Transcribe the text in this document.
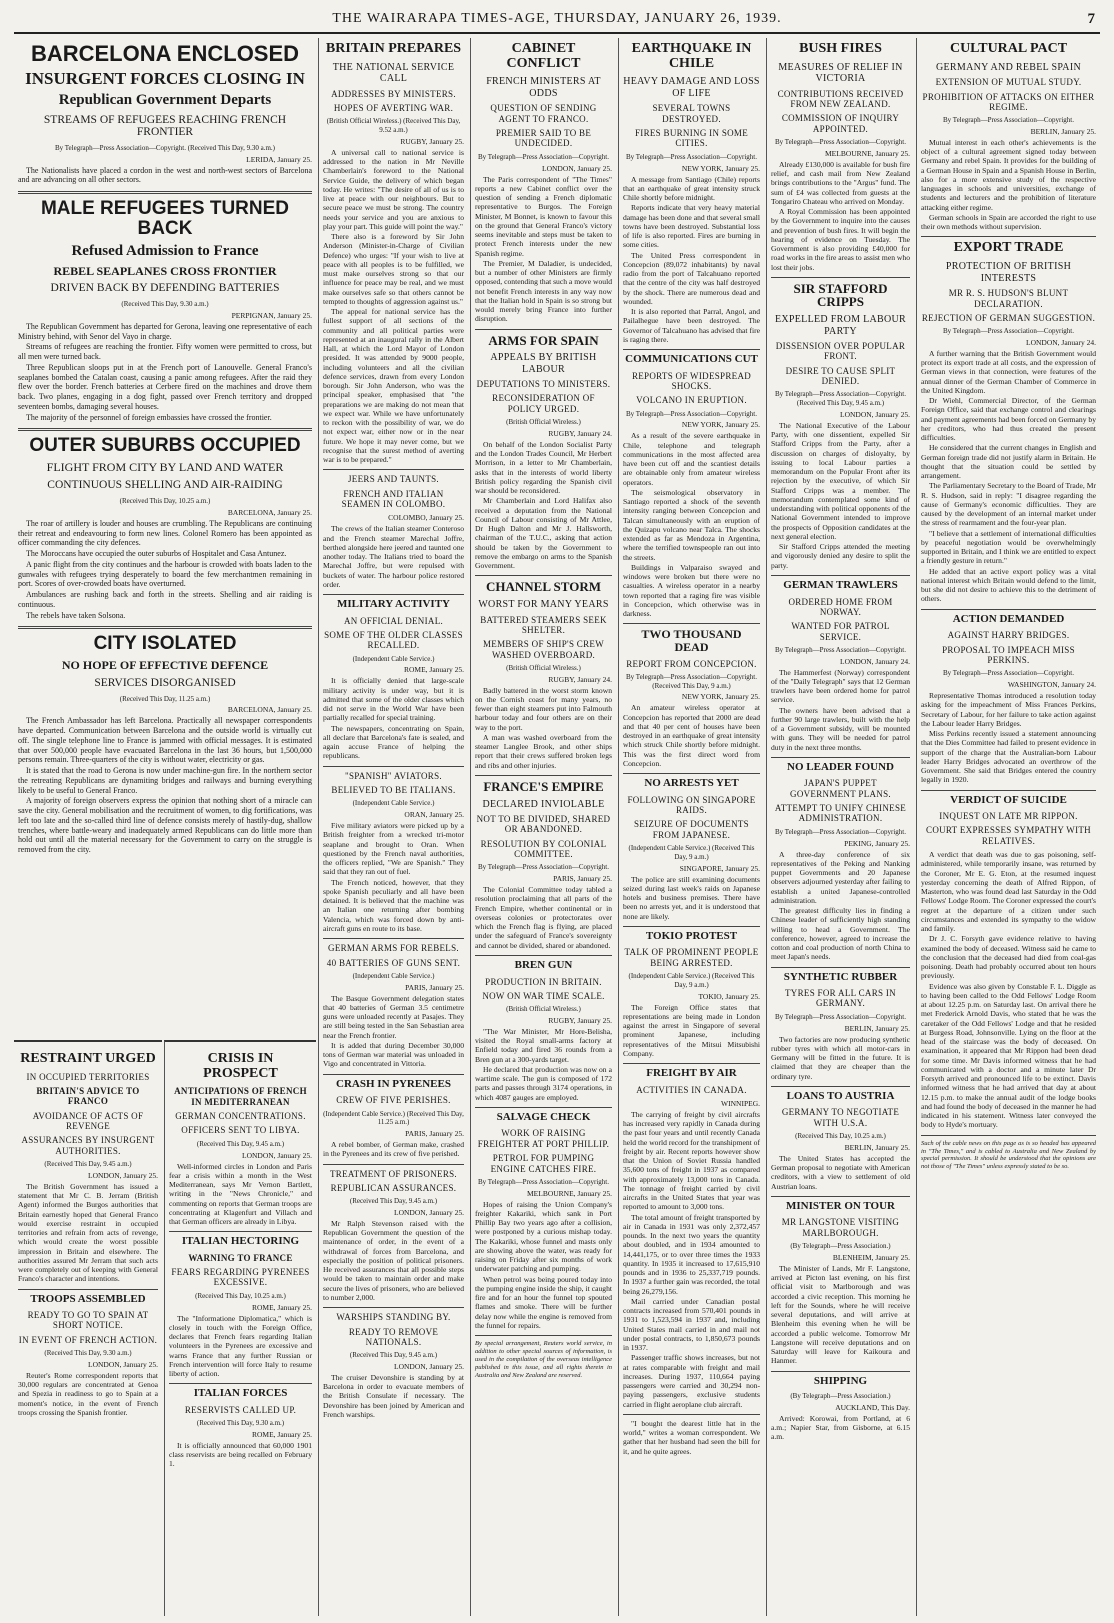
THE WAIRARAPA TIMES-AGE, THURSDAY, JANUARY 26, 1939.	7
BARCELONA ENCLOSED
INSURGENT FORCES CLOSING IN
Republican Government Departs
STREAMS OF REFUGEES REACHING FRENCH FRONTIER
By Telegraph—Press Association—Copyright. (Received This Day, 9.30 a.m.)
LERIDA, January 25.

The Nationalists have placed a cordon in the west and north-west sectors of Barcelona and are advancing on all other sectors.

MALE REFUGEES TURNED BACK
Refused Admission to France
REBEL SEAPLANES CROSS FRONTIER
DRIVEN BACK BY DEFENDING BATTERIES
(Received This Day, 9.30 a.m.)
PERPIGNAN, January 25.

The Republican Government has departed for Gerona, leaving one representative of each Ministry behind, with Senor del Vayo in charge.

Streams of refugees are reaching the frontier. Fifty women were permitted to cross, but all men were turned back.

Three Republican sloops put in at the French port of Lanouvelle. General Franco's seaplanes bombed the Catalan coast, causing a panic among refugees. After the raid they flew over the border. French batteries at Cerbere fired on the machines and drove them back. Two planes, engaging in a dog fight, passed over French territory and dropped seventeen bombs, damaging several houses.

The majority of the personnel of foreign embassies have crossed the frontier.

OUTER SUBURBS OCCUPIED
FLIGHT FROM CITY BY LAND AND WATER
CONTINUOUS SHELLING AND AIR-RAIDING
(Received This Day, 10.25 a.m.)
BARCELONA, January 25.

The roar of artillery is louder and houses are crumbling. The Republicans are continuing their retreat and endeavouring to form new lines. Colonel Romero has been appointed as officer commanding the city defences.

The Moroccans have occupied the outer suburbs of Hospitalet and Casa Antunez.

A panic flight from the city continues and the harbour is crowded with boats laden to the gunwales with refugees trying desperately to board the few merchantmen remaining in port. Scores of over-crowded boats have overturned.

Ambulances are rushing back and forth in the streets. Shelling and air raiding is continuous.

The rebels have taken Solsona.

CITY ISOLATED
NO HOPE OF EFFECTIVE DEFENCE
SERVICES DISORGANISED
(Received This Day, 11.25 a.m.)
BARCELONA, January 25.

The French Ambassador has left Barcelona. Practically all newspaper correspondents have departed. Communication between Barcelona and the outside world is virtually cut off. The single telephone line to France is jammed with official messages. It is estimated that over 500,000 people have evacuated Barcelona in the last 36 hours, but 1,500,000 persons remain. Three-quarters of the city is without water, electricity or gas.

It is stated that the road to Gerona is now under machine-gun fire. In the northern sector the retreating Republicans are dynamiting bridges and railways and burning everything likely to be useful to General Franco.

A majority of foreign observers express the opinion that nothing short of a miracle can save the city. General mobilisation and the recruitment of women, to dig fortifications, was left too late and the so-called third line of defence consists merely of hastily-dug, shallow trenches, where battle-weary and inadequately armed Republicans can do little more than hold out until all the material necessary for the Government to carry on the struggle is removed from the city.

RESTRAINT URGED
IN OCCUPIED TERRITORIES
BRITAIN'S ADVICE TO FRANCO
AVOIDANCE OF ACTS OF REVENGE
ASSURANCES BY INSURGENT AUTHORITIES.
(Received This Day, 9.45 a.m.)
LONDON, January 25.

The British Government has issued a statement that Mr C. B. Jerram (British Agent) informed the Burgos authorities that Britain earnestly hoped that General Franco would exercise restraint in occupied territories and refrain from acts of revenge, which would create the worst possible impression in Britain and elsewhere. The authorities assured Mr Jerram that such acts were completely out of keeping with General Franco's character and intentions.

TROOPS ASSEMBLED
READY TO GO TO SPAIN AT SHORT NOTICE.
IN EVENT OF FRENCH ACTION.
(Received This Day, 9.30 a.m.)
LONDON, January 25.

Reuter's Rome correspondent reports that 30,000 regulars are concentrated at Genoa and Spezia in readiness to go to Spain at a moment's notice, in the event of French troops crossing the Spanish frontier.

CRISIS IN PROSPECT
ANTICIPATIONS OF FRENCH IN MEDITERRANEAN
GERMAN CONCENTRATIONS.
OFFICERS SENT TO LIBYA.
(Received This Day, 9.45 a.m.)
LONDON, January 25.

Well-informed circles in London and Paris fear a crisis within a month in the West Mediterranean, says Mr Vernon Bartlett, writing in the "News Chronicle," and commenting on reports that German troops are concentrating at Klagenfurt and Villach and that German officers are already in Libya.

ITALIAN HECTORING
WARNING TO FRANCE
FEARS REGARDING PYRENEES EXCESSIVE.
(Received This Day, 10.25 a.m.)
ROME, January 25.

The "Informatione Diplomatica," which is closely in touch with the Foreign Office, declares that French fears regarding Italian volunteers in the Pyrenees are excessive and warns France that any further Russian or French intervention will force Italy to resume liberty of action.

ITALIAN FORCES
RESERVISTS CALLED UP.
(Received This Day, 9.30 a.m.)
ROME, January 25.

It is officially announced that 60,000 1901 class reservists are being recalled on February 1.

BRITAIN PREPARES
THE NATIONAL SERVICE CALL
ADDRESSES BY MINISTERS.
HOPES OF AVERTING WAR.
(British Official Wireless.) (Received This Day, 9.52 a.m.)
RUGBY, January 25.

A universal call to national service is addressed to the nation in Mr Neville Chamberlain's foreword to the National Service Guide, the delivery of which began today. He writes: "The desire of all of us is to live at peace with our neighbours. But to secure peace we must be strong. The country needs your service and you are anxious to play your part. This guide will point the way."

There also is a foreword by Sir John Anderson (Minister-in-Charge of Civilian Defence) who urges: "If your wish to live at peace with all peoples is to be fulfilled, we must make ourselves strong so that our influence for peace may be real, and we must make ourselves safe so that others cannot be tempted to thoughts of aggression against us."

The appeal for national service has the fullest support of all sections of the community and all political parties were represented at an inaugural rally in the Albert Hall, at which the Lord Mayor of London presided. It was attended by 9000 people, including volunteers and all the civilian defence services, drawn from every London borough. Sir John Anderson, who was the principal speaker, emphasised that "the preparations we are making do not mean that we expect war. While we have unfortunately to reckon with the possibility of war, we do not expect war, either now or in the near future. We hope it may never come, but we recognise that the surest method of averting war is to be prepared."

JEERS AND TAUNTS.
FRENCH AND ITALIAN SEAMEN IN COLOMBO.
COLOMBO, January 25.

The crews of the Italian steamer Conteroso and the French steamer Marechal Joffre, berthed alongside here jeered and taunted one another today. The Italians tried to board the Marechal Joffre, but were repulsed with buckets of water. The harbour police restored order.

MILITARY ACTIVITY
AN OFFICIAL DENIAL.
SOME OF THE OLDER CLASSES RECALLED.
(Independent Cable Service.)
ROME, January 25.

It is officially denied that large-scale military activity is under way, but it is admitted that some of the older classes which did not serve in the World War have been partially recalled for special training.

The newspapers, concentrating on Spain, all declare that Barcelona's fate is sealed, and again accuse France of helping the republicans.

"SPANISH" AVIATORS.
BELIEVED TO BE ITALIANS.
(Independent Cable Service.)
ORAN, January 25.

Five military aviators were picked up by a British freighter from a wrecked tri-motor seaplane and brought to Oran. When questioned by the French naval authorities, the officers replied, "We are Spanish." They said that they ran out of fuel.

The French noticed, however, that they spoke Spanish peculiarly and all have been detained. It is believed that the machine was an Italian one returning after bombing Valencia, which was forced down by anti-aircraft guns en route to its base.

GERMAN ARMS FOR REBELS.
40 BATTERIES OF GUNS SENT.
(Independent Cable Service.)
PARIS, January 25.

The Basque Government delegation states that 40 batteries of German 3.5 centimetre guns were unloaded recently at Pasajes. They are still being tested in the San Sebastian area near the French frontier.

It is added that during December 30,000 tons of German war material was unloaded in Vigo and concentrated in Vittoria.

CRASH IN PYRENEES
CREW OF FIVE PERISHES.
(Independent Cable Service.) (Received This Day, 11.25 a.m.)
PARIS, January 25.

A rebel bomber, of German make, crashed in the Pyrenees and its crew of five perished.

TREATMENT OF PRISONERS.
REPUBLICAN ASSURANCES.
(Received This Day, 9.45 a.m.)
LONDON, January 25.

Mr Ralph Stevenson raised with the Republican Government the question of the maintenance of order, in the event of a withdrawal of forces from Barcelona, and especially the position of political prisoners. He received assurances that all possible steps would be taken to maintain order and make secure the lives of prisoners, who are believed to number 2,000.

WARSHIPS STANDING BY.
READY TO REMOVE NATIONALS.
(Received This Day, 9.45 a.m.)
LONDON, January 25.

The cruiser Devonshire is standing by at Barcelona in order to evacuate members of the British Consulate if necessary. The Devonshire has been joined by American and French warships.

CABINET CONFLICT
FRENCH MINISTERS AT ODDS
QUESTION OF SENDING AGENT TO FRANCO.
PREMIER SAID TO BE UNDECIDED.
By Telegraph—Press Association—Copyright.
LONDON, January 25.

The Paris correspondent of "The Times" reports a new Cabinet conflict over the question of sending a French diplomatic representative to Burgos. The Foreign Minister, M Bonnet, is known to favour this on the ground that General Franco's victory seems inevitable and steps must be taken to protect French interests under the new Spanish regime.

The Premier, M Daladier, is undecided, but a number of other Ministers are firmly opposed, contending that such a move would not benefit French interests in any way now that the Italian hold in Spain is so strong but would merely bring France into further disruption.

ARMS FOR SPAIN
APPEALS BY BRITISH LABOUR
DEPUTATIONS TO MINISTERS.
RECONSIDERATION OF POLICY URGED.
(British Official Wireless.)
RUGBY, January 24.

On behalf of the London Socialist Party and the London Trades Council, Mr Herbert Morrison, in a letter to Mr Chamberlain, asks that in the interests of world liberty British policy regarding the Spanish civil war should be reconsidered.

Mr Chamberlain and Lord Halifax also received a deputation from the National Council of Labour consisting of Mr Attlee, Dr Hugh Dalton and Mr J. Hallsworth, chairman of the T.U.C., asking that action should be taken by the Government to remove the embargo on arms to the Spanish Government.

CHANNEL STORM
WORST FOR MANY YEARS
BATTERED STEAMERS SEEK SHELTER.
MEMBERS OF SHIP'S CREW WASHED OVERBOARD.
(British Official Wireless.)
RUGBY, January 24.

Badly battered in the worst storm known on the Cornish coast for many years, no fewer than eight steamers put into Falmouth harbour today and four others are on their way to the port.

A man was washed overboard from the steamer Langlee Brook, and other ships report that their crews suffered broken legs and ribs and other injuries.

FRANCE'S EMPIRE
DECLARED INVIOLABLE
NOT TO BE DIVIDED, SHARED OR ABANDONED.
RESOLUTION BY COLONIAL COMMITTEE.
By Telegraph—Press Association—Copyright.
PARIS, January 25.

The Colonial Committee today tabled a resolution proclaiming that all parts of the French Empire, whether continental or in overseas colonies or protectorates over which the French flag is flying, are placed under the safeguard of France's sovereignty and cannot be divided, shared or abandoned.

BREN GUN
PRODUCTION IN BRITAIN.
NOW ON WAR TIME SCALE.
(British Official Wireless.)
RUGBY, January 25.

"The War Minister, Mr Hore-Belisha, visited the Royal small-arms factory at Enfield today and fired 36 rounds from a Bren gun at a 300-yards target.

He declared that production was now on a wartime scale. The gun is composed of 172 parts and passes through 3174 operations, in which 4087 gauges are employed.

SALVAGE CHECK
WORK OF RAISING FREIGHTER AT PORT PHILLIP.
PETROL FOR PUMPING ENGINE CATCHES FIRE.
By Telegraph—Press Association—Copyright.
MELBOURNE, January 25.

Hopes of raising the Union Company's freighter Kakariki, which sank in Port Phillip Bay two years ago after a collision, were postponed by a curious mishap today. The Kakariki, whose funnel and masts only are showing above the water, was ready for raising on Friday after six months of work underwater patching and pumping.

When petrol was being poured today into the pumping engine inside the ship, it caught fire and for an hour the funnel top spouted flames and smoke. There will be further delay now while the engine is removed from the funnel for repairs.

By special arrangement, Reuters world service, in addition to other special sources of information, is used in the compilation of the overseas intelligence published in this issue, and all rights therein in Australia and New Zealand are reserved.
EARTHQUAKE IN CHILE
HEAVY DAMAGE AND LOSS OF LIFE
SEVERAL TOWNS DESTROYED.
FIRES BURNING IN SOME CITIES.
By Telegraph—Press Association—Copyright.
NEW YORK, January 25.

A message from Santiago (Chile) reports that an earthquake of great intensity struck Chile shortly before midnight.

Reports indicate that very heavy material damage has been done and that several small towns have been destroyed. Substantial loss of life is also reported. Fires are burning in some cities.

The United Press correspondent in Concepcion (89,072 inhabitants) by naval radio from the port of Talcahuano reported that the centre of the city was half destroyed by the shock. There are numerous dead and wounded.

It is also reported that Parral, Angol, and Pailalhegue have been destroyed. The Governor of Talcahuano has advised that fire is raging there.

COMMUNICATIONS CUT
REPORTS OF WIDESPREAD SHOCKS.
VOLCANO IN ERUPTION.
By Telegraph—Press Association—Copyright.
NEW YORK, January 25.

As a result of the severe earthquake in Chile, telephone and telegraph communications in the most affected area have been cut off and the scantiest details are obtainable only from amateur wireless operators.

The seismological observatory in Santiago reported a shock of the seventh intensity ranging between Concepcion and Talcan simultaneously with an eruption of the Quizapu volcano near Talca. The shocks extended as far as Mendoza in Argentina, where the terrified townspeople ran out into the streets.

Buildings in Valparaiso swayed and windows were broken but there were no casualties. A wireless operator in a nearby town reported that a raging fire was visible in Concepcion, which otherwise was in darkness.

TWO THOUSAND DEAD
REPORT FROM CONCEPCION.
By Telegraph—Press Association—Copyright. (Received This Day, 9 a.m.)
NEW YORK, January 25.

An amateur wireless operator at Concepcion has reported that 2000 are dead and that 40 per cent of houses have been destroyed in an earthquake of great intensity which struck Chile shortly before midnight. This was the first direct word from Concepcion.

NO ARRESTS YET
FOLLOWING ON SINGAPORE RAIDS.
SEIZURE OF DOCUMENTS FROM JAPANESE.
(Independent Cable Service.) (Received This Day, 9 a.m.)
SINGAPORE, January 25.

The police are still examining documents seized during last week's raids on Japanese hotels and business premises. There have been no arrests yet, and it is understood that none are likely.

TOKIO PROTEST
TALK OF PROMINENT PEOPLE BEING ARRESTED.
(Independent Cable Service.) (Received This Day, 9 a.m.)
TOKIO, January 25.

The Foreign Office states that representations are being made in London against the arrest in Singapore of several prominent Japanese, including representatives of the Mitsui Mitsubishi Company.

FREIGHT BY AIR
ACTIVITIES IN CANADA.
WINNIPEG.

The carrying of freight by civil aircrafts has increased very rapidly in Canada during the past four years and until recently Canada held the world record for the transhipment of freight by air. Recent reports however show that the Union of Soviet Russia handled 35,600 tons of freight in 1937 as compared with approximately 13,000 tons in Canada. The tonnage of freight carried by civil aircrafts in the United States that year was reported to amount to 3,000 tons.

The total amount of freight transported by air in Canada in 1931 was only 2,372,457 pounds. In the next two years the quantity about doubled, and in 1934 amounted to 14,441,175, or to over three times the 1933 quantity. In 1935 it increased to 17,615,910 pounds and in 1936 to 25,337,719 pounds. In 1937 a further gain was recorded, the total being 26,279,156.

Mail carried under Canadian postal contracts increased from 570,401 pounds in 1931 to 1,523,594 in 1937 and, including United States mail carried in and mail not under postal contracts, to 1,850,673 pounds in 1937.

Passenger traffic shows increases, but not at rates comparable with freight and mail increases. During 1937, 110,664 paying passengers were carried and 30,294 non-paying passengers, exclusive students carried in flight aeroplane club aircraft.

"I bought the dearest little hat in the world," writes a woman correspondent. We gather that her husband had seen the bill for it, and he quite agrees.

BUSH FIRES
MEASURES OF RELIEF IN VICTORIA
CONTRIBUTIONS RECEIVED FROM NEW ZEALAND.
COMMISSION OF INQUIRY APPOINTED.
By Telegraph—Press Association—Copyright.
MELBOURNE, January 25.

Already £130,000 is available for bush fire relief, and cash mail from New Zealand brings contributions to the "Argus" fund. The sum of £4 was collected from guests at the Tongariro Chateau who arrived on Monday.

A Royal Commission has been appointed by the Government to inquire into the causes and prevention of bush fires. It will begin the hearing of evidence on Tuesday. The Government is also providing £40,000 for road works in the fire areas to assist men who lost their jobs.

SIR STAFFORD CRIPPS
EXPELLED FROM LABOUR PARTY
DISSENSION OVER POPULAR FRONT.
DESIRE TO CAUSE SPLIT DENIED.
By Telegraph—Press Association—Copyright. (Received This Day, 9.45 a.m.)
LONDON, January 25.

The National Executive of the Labour Party, with one dissentient, expelled Sir Stafford Cripps from the Party, after a discussion on charges of disloyalty, by issuing to local Labour parties a memorandum on the Popular Front after its rejection by the executive, of which Sir Stafford Cripps was a member. The memorandum contemplated some kind of understanding with political opponents of the National Government intended to improve the prospects of Opposition candidates at the next general election.

Sir Stafford Cripps attended the meeting and vigorously denied any desire to split the party.

GERMAN TRAWLERS
ORDERED HOME FROM NORWAY.
WANTED FOR PATROL SERVICE.
By Telegraph—Press Association—Copyright.
LONDON, January 24.

The Hammerfest (Norway) correspondent of the "Daily Telegraph" says that 12 German trawlers have been ordered home for patrol service.

The owners have been advised that a further 90 large trawlers, built with the help of a Government subsidy, will be mounted with guns. They will be needed for patrol duty in the next three months.

NO LEADER FOUND
JAPAN'S PUPPET GOVERNMENT PLANS.
ATTEMPT TO UNIFY CHINESE ADMINISTRATION.
By Telegraph—Press Association—Copyright.
PEKING, January 25.

A three-day conference of six representatives of the Peking and Nanking puppet Governments and 20 Japanese observers adjourned yesterday after failing to establish a united Japanese-controlled administration.

The greatest difficulty lies in finding a Chinese leader of sufficiently high standing willing to head a Government. The conference, however, agreed to increase the cotton and coal production of north China to meet Japan's needs.

SYNTHETIC RUBBER
TYRES FOR ALL CARS IN GERMANY.
By Telegraph—Press Association—Copyright.
BERLIN, January 25.

Two factories are now producing synthetic rubber tyres with which all motor-cars in Germany will be fitted in the future. It is claimed that they are cheaper than the ordinary tyre.

LOANS TO AUSTRIA
GERMANY TO NEGOTIATE WITH U.S.A.
(Received This Day, 10.25 a.m.)
BERLIN, January 25.

The United States has accepted the German proposal to negotiate with American creditors, with a view to settlement of old Austrian loans.

MINISTER ON TOUR
MR LANGSTONE VISITING MARLBOROUGH.
(By Telegraph—Press Association.)
BLENHEIM, January 25.

The Minister of Lands, Mr F. Langstone, arrived at Picton last evening, on his first official visit to Marlborough and was accorded a civic reception. This morning he left for the Sounds, where he will receive several deputations, and will arrive at Blenheim this evening when he will be accorded a public welcome. Tomorrow Mr Langstone will receive deputations and on Saturday will leave for Kaikoura and Hanmer.

SHIPPING
(By Telegraph—Press Association.)
AUCKLAND, This Day.

Arrived: Korowai, from Portland, at 6 a.m.; Napier Star, from Gisborne, at 6.15 a.m.

CULTURAL PACT
GERMANY AND REBEL SPAIN
EXTENSION OF MUTUAL STUDY.
PROHIBITION OF ATTACKS ON EITHER REGIME.
By Telegraph—Press Association—Copyright.
BERLIN, January 25.

Mutual interest in each other's achievements is the object of a cultural agreement signed today between Germany and rebel Spain. It provides for the building of a German House in Spain and a Spanish House in Berlin, also for a more extensive study of the respective languages in schools and universities, exchange of students and lecturers and the prohibition of literature attacking either regime.

German schools in Spain are accorded the right to use their own methods without supervision.

EXPORT TRADE
PROTECTION OF BRITISH INTERESTS
MR R. S. HUDSON'S BLUNT DECLARATION.
REJECTION OF GERMAN SUGGESTION.
By Telegraph—Press Association—Copyright.
LONDON, January 24.

A further warning that the British Government would protect its export trade at all costs, and the expression of German views in that connection, were features of the annual dinner of the German Chamber of Commerce in the United Kingdom.

Dr Wiehl, Commercial Director, of the German Foreign Office, said that exchange control and clearings and payment agreements had been forced on Germany by her creditors, who had thus created the present difficulties.

He considered that the current changes in English and German foreign trade did not justify alarm in Britain. He thought that the situation could be settled by arrangement.

The Parliamentary Secretary to the Board of Trade, Mr R. S. Hudson, said in reply: "I disagree regarding the cause of Germany's economic difficulties. They are caused by the development of an internal market under the stress of rearmament and the four-year plan.

"I believe that a settlement of international difficulties by peaceful negotiation would be overwhelmingly supported in Britain, and I think we are entitled to expect a friendly gesture in return."

He added that an active export policy was a vital national interest which Britain would defend to the limit, but she did not desire to achieve this to the detriment of others.

ACTION DEMANDED
AGAINST HARRY BRIDGES.
PROPOSAL TO IMPEACH MISS PERKINS.
By Telegraph—Press Association—Copyright.
WASHINGTON, January 24.

Representative Thomas introduced a resolution today asking for the impeachment of Miss Frances Perkins, Secretary of Labour, for her failure to take action against the Labour leader Harry Bridges.

Miss Perkins recently issued a statement announcing that the Dies Committee had failed to present evidence in support of the charge that the Australian-born Labour leader Harry Bridges advocated an overthrow of the Government. She said that Bridges entered the country legally in 1920.

VERDICT OF SUICIDE
INQUEST ON LATE MR RIPPON.
COURT EXPRESSES SYMPATHY WITH RELATIVES.

A verdict that death was due to gas poisoning, self-administered, while temporarily insane, was returned by the Coroner, Mr E. G. Eton, at the resumed inquest yesterday concerning the death of Alfred Rippon, of Masterton, who was found dead last Saturday in the Odd Fellows' Lodge Room. The Coroner expressed the court's regret at the departure of a citizen under such circumstances and extended its sympathy to the widow and family.

Dr J. C. Forsyth gave evidence relative to having examined the body of deceased. Witness said he came to the conclusion that the deceased had died from coal-gas poisoning. Death had probably occurred about ten hours previously.

Evidence was also given by Constable F. L. Diggle as to having been called to the Odd Fellows' Lodge Room at about 12.25 p.m. on Saturday last. On arrival there he met Frederick Arnold Davis, who stated that he was the caretaker of the Odd Fellows' Lodge and that he resided at Burgess Road, Johnsonville. Lying on the floor at the head of the staircase was the body of deceased. On examination, it appeared that Mr Rippon had been dead for some time. Mr Davis informed witness that he had communicated with a doctor and a minute later Dr Forsyth arrived and pronounced life to be extinct. Davis informed witness that he had arrived that day at about 12.15 p.m. to make the annual audit of the lodge books and had found the body of deceased in the manner he had indicated in his statement. Witness later conveyed the body to Hyde's mortuary.

Such of the cable news on this page as is so headed has appeared in "The Times," and is cabled to Australia and New Zealand by special permission. It should be understood that the opinions are not those of "The Times" unless expressly stated to be so.
